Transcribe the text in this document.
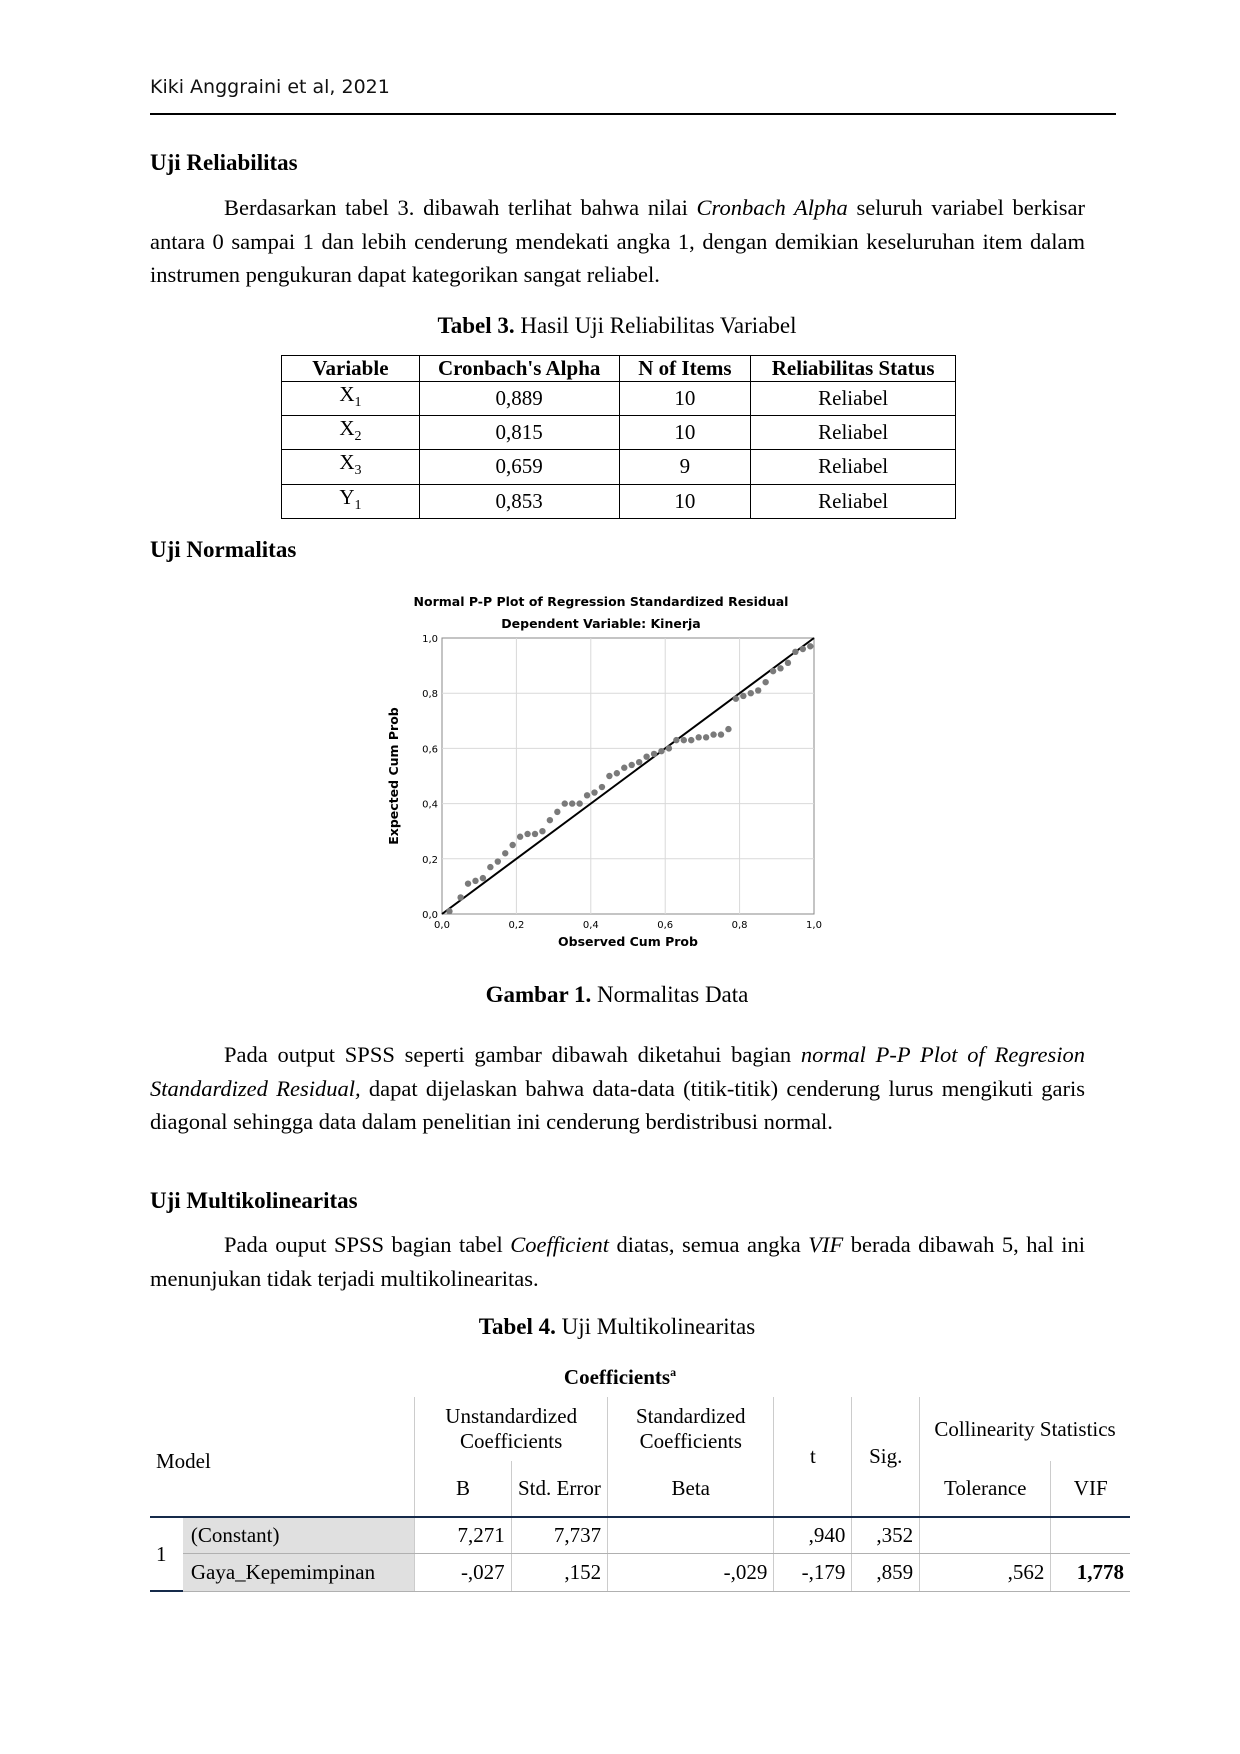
Kiki Anggraini et al, 2021
Uji Reliabilitas

Berdasarkan tabel 3. dibawah terlihat bahwa nilai Cronbach Alpha seluruh variabel berkisar antara 0 sampai 1 dan lebih cenderung mendekati angka 1, dengan demikian keseluruhan item dalam instrumen pengukuran dapat kategorikan sangat reliabel.

Tabel 3. Hasil Uji Reliabilitas Variabel
Variable	Cronbach's Alpha	N of Items	Reliabilitas Status
$X_1$	0,889	10	Reliabel
$X_2$	0,815	10	Reliabel
$X_3$	0,659	9	Reliabel
$Y_1$	0,853	10	Reliabel
Uji Normalitas
Normal P-P Plot of Regression Standardized Residual
Dependent Variable: Kinerja
0,0
0,0
0,2
0,2
0,4
0,4
0,6
0,6
0,8
0,8
1,0
1,0
Observed Cum Prob
Expected Cum Prob
Gambar 1. Normalitas Data

Pada output SPSS seperti gambar dibawah diketahui bagian normal P-P Plot of Regresion Standardized Residual, dapat dijelaskan bahwa data-data (titik-titik) cenderung lurus mengikuti garis diagonal sehingga data dalam penelitian ini cenderung berdistribusi normal.

Uji Multikolinearitas

Pada ouput SPSS bagian tabel Coefficient diatas, semua angka VIF berada dibawah 5, hal ini menunjukan tidak terjadi multikolinearitas.

Tabel 4. Uji Multikolinearitas
Coefficients$^a$
Model		Unstandardized Coefficients		Standardized Coefficients	t	Sig.	Collinearity Statistics	
		B	Std. Error	Beta			Tolerance	VIF
1	(Constant)	7,271	7,737		,940	,352		
	Gaya_Kepemimpinan	-,027	,152	-,029	-,179	,859	,562	1,778
